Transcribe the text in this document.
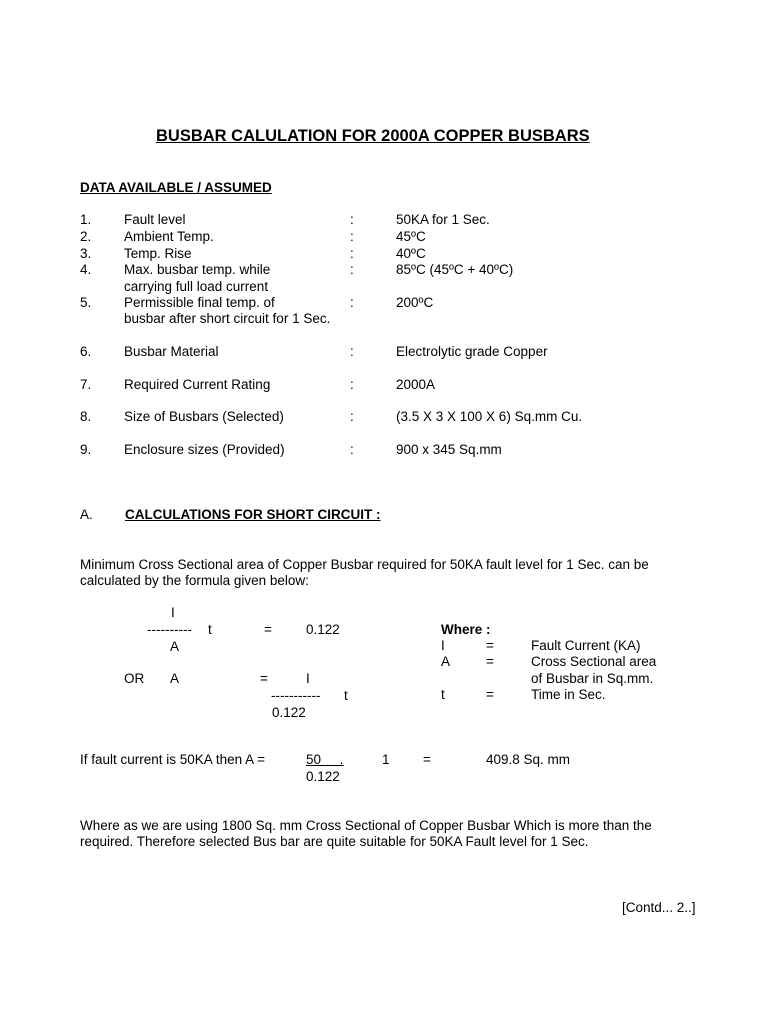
BUSBAR CALULATION FOR 2000A COPPER BUSBARS
DATA AVAILABLE / ASSUMED
1. Fault level	:	50KA for 1 Sec.
2. Ambient Temp.	:	45ºC
3. Temp. Rise	:	40ºC
4. Max. busbar temp. while
carrying full load current
:	85ºC (45ºC + 40ºC)
5. Permissible final temp. of
busbar after short circuit for 1 Sec.
:	200ºC
6. Busbar Material	:	Electrolytic grade Copper
7. Required Current Rating	:	2000A
8. Size of Busbars (Selected)	:	(3.5 X 3 X 100 X 6) Sq.mm Cu.
9. Enclosure sizes (Provided)	:	900 x 345 Sq.mm
A. CALCULATIONS FOR SHORT CIRCUIT :
Minimum Cross Sectional area of Copper Busbar required for 50KA fault level for 1 Sec. can be
calculated by the formula given below:
I
---------- t	=	0.122
A
OR A	=	I
----------- t
0.122
Where :
I	=	Fault Current (KA)
A	=	Cross Sectional area
of Busbar in Sq.mm.
t	=	Time in Sec.
If fault current is 50KA then A =	50     .	1 =	409.8 Sq. mm
0.122
Where as we are using 1800 Sq. mm Cross Sectional of Copper Busbar Which is more than the
required. Therefore selected Bus bar are quite suitable for 50KA Fault level for 1 Sec.
[Contd... 2..]
